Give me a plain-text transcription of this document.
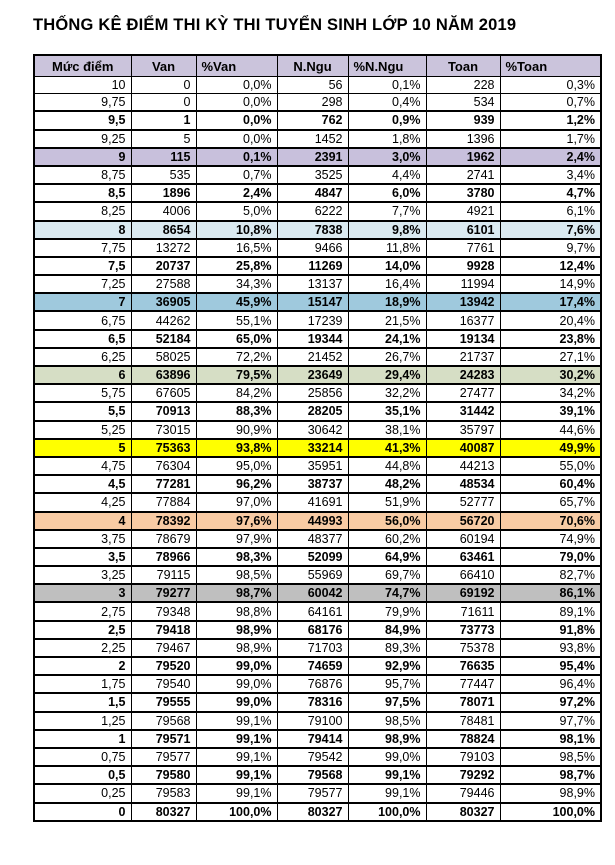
THỐNG KÊ ĐIỂM THI KỲ THI TUYỂN SINH LỚP 10 NĂM 2019
Mức điểm	Van	%Van	N.Ngu	%N.Ngu	Toan	%Toan
10	0	0,0%	56	0,1%	228	0,3%
9,75	0	0,0%	298	0,4%	534	0,7%
9,5	1	0,0%	762	0,9%	939	1,2%
9,25	5	0,0%	1452	1,8%	1396	1,7%
9	115	0,1%	2391	3,0%	1962	2,4%
8,75	535	0,7%	3525	4,4%	2741	3,4%
8,5	1896	2,4%	4847	6,0%	3780	4,7%
8,25	4006	5,0%	6222	7,7%	4921	6,1%
8	8654	10,8%	7838	9,8%	6101	7,6%
7,75	13272	16,5%	9466	11,8%	7761	9,7%
7,5	20737	25,8%	11269	14,0%	9928	12,4%
7,25	27588	34,3%	13137	16,4%	11994	14,9%
7	36905	45,9%	15147	18,9%	13942	17,4%
6,75	44262	55,1%	17239	21,5%	16377	20,4%
6,5	52184	65,0%	19344	24,1%	19134	23,8%
6,25	58025	72,2%	21452	26,7%	21737	27,1%
6	63896	79,5%	23649	29,4%	24283	30,2%
5,75	67605	84,2%	25856	32,2%	27477	34,2%
5,5	70913	88,3%	28205	35,1%	31442	39,1%
5,25	73015	90,9%	30642	38,1%	35797	44,6%
5	75363	93,8%	33214	41,3%	40087	49,9%
4,75	76304	95,0%	35951	44,8%	44213	55,0%
4,5	77281	96,2%	38737	48,2%	48534	60,4%
4,25	77884	97,0%	41691	51,9%	52777	65,7%
4	78392	97,6%	44993	56,0%	56720	70,6%
3,75	78679	97,9%	48377	60,2%	60194	74,9%
3,5	78966	98,3%	52099	64,9%	63461	79,0%
3,25	79115	98,5%	55969	69,7%	66410	82,7%
3	79277	98,7%	60042	74,7%	69192	86,1%
2,75	79348	98,8%	64161	79,9%	71611	89,1%
2,5	79418	98,9%	68176	84,9%	73773	91,8%
2,25	79467	98,9%	71703	89,3%	75378	93,8%
2	79520	99,0%	74659	92,9%	76635	95,4%
1,75	79540	99,0%	76876	95,7%	77447	96,4%
1,5	79555	99,0%	78316	97,5%	78071	97,2%
1,25	79568	99,1%	79100	98,5%	78481	97,7%
1	79571	99,1%	79414	98,9%	78824	98,1%
0,75	79577	99,1%	79542	99,0%	79103	98,5%
0,5	79580	99,1%	79568	99,1%	79292	98,7%
0,25	79583	99,1%	79577	99,1%	79446	98,9%
0	80327	100,0%	80327	100,0%	80327	100,0%
